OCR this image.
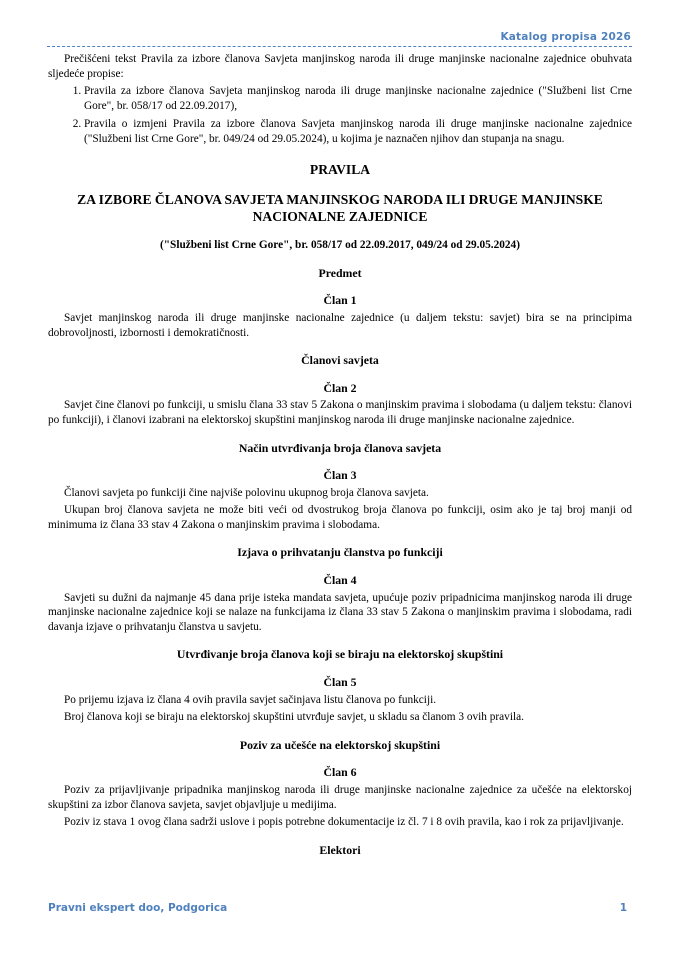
Katalog propisa 2026

Prečišćeni tekst Pravila za izbore članova Savjeta manjinskog naroda ili druge manjinske nacionalne zajednice obuhvata sljedeće propise:

1. Pravila za izbore članova Savjeta manjinskog naroda ili druge manjinske nacionalne zajednice ("Službeni list Crne Gore", br. 058/17 od 22.09.2017),
2. Pravila o izmjeni Pravila za izbore članova Savjeta manjinskog naroda ili druge manjinske nacionalne zajednice ("Službeni list Crne Gore", br. 049/24 od 29.05.2024), u kojima je naznačen njihov dan stupanja na snagu.

PRAVILA

ZA IZBORE ČLANOVA SAVJETA MANJINSKOG NARODA ILI DRUGE MANJINSKE NACIONALNE ZAJEDNICE

("Službeni list Crne Gore", br. 058/17 od 22.09.2017, 049/24 od 29.05.2024)

Predmet

Član 1

Savjet manjinskog naroda ili druge manjinske nacionalne zajednice (u daljem tekstu: savjet) bira se na principima dobrovoljnosti, izbornosti i demokratičnosti.

Članovi savjeta

Član 2

Savjet čine članovi po funkciji, u smislu člana 33 stav 5 Zakona o manjinskim pravima i slobodama (u daljem tekstu: članovi po funkciji), i članovi izabrani na elektorskoj skupštini manjinskog naroda ili druge manjinske nacionalne zajednice.

Način utvrđivanja broja članova savjeta

Član 3

Članovi savjeta po funkciji čine najviše polovinu ukupnog broja članova savjeta.

Ukupan broj članova savjeta ne može biti veći od dvostrukog broja članova po funkciji, osim ako je taj broj manji od minimuma iz člana 33 stav 4 Zakona o manjinskim pravima i slobodama.

Izjava o prihvatanju članstva po funkciji

Član 4

Savjeti su dužni da najmanje 45 dana prije isteka mandata savjeta, upućuje poziv pripadnicima manjinskog naroda ili druge manjinske nacionalne zajednice koji se nalaze na funkcijama iz člana 33 stav 5 Zakona o manjinskim pravima i slobodama, radi davanja izjave o prihvatanju članstva u savjetu.

Utvrđivanje broja članova koji se biraju na elektorskoj skupštini

Član 5

Po prijemu izjava iz člana 4 ovih pravila savjet sačinjava listu članova po funkciji.

Broj članova koji se biraju na elektorskoj skupštini utvrđuje savjet, u skladu sa članom 3 ovih pravila.

Poziv za učešće na elektorskoj skupštini

Član 6

Poziv za prijavljivanje pripadnika manjinskog naroda ili druge manjinske nacionalne zajednice za učešće na elektorskoj skupštini za izbor članova savjeta, savjet objavljuje u medijima.

Poziv iz stava 1 ovog člana sadrži uslove i popis potrebne dokumentacije iz čl. 7 i 8 ovih pravila, kao i rok za prijavljivanje.

Elektori

Pravni ekspert doo, Podgorica	1
